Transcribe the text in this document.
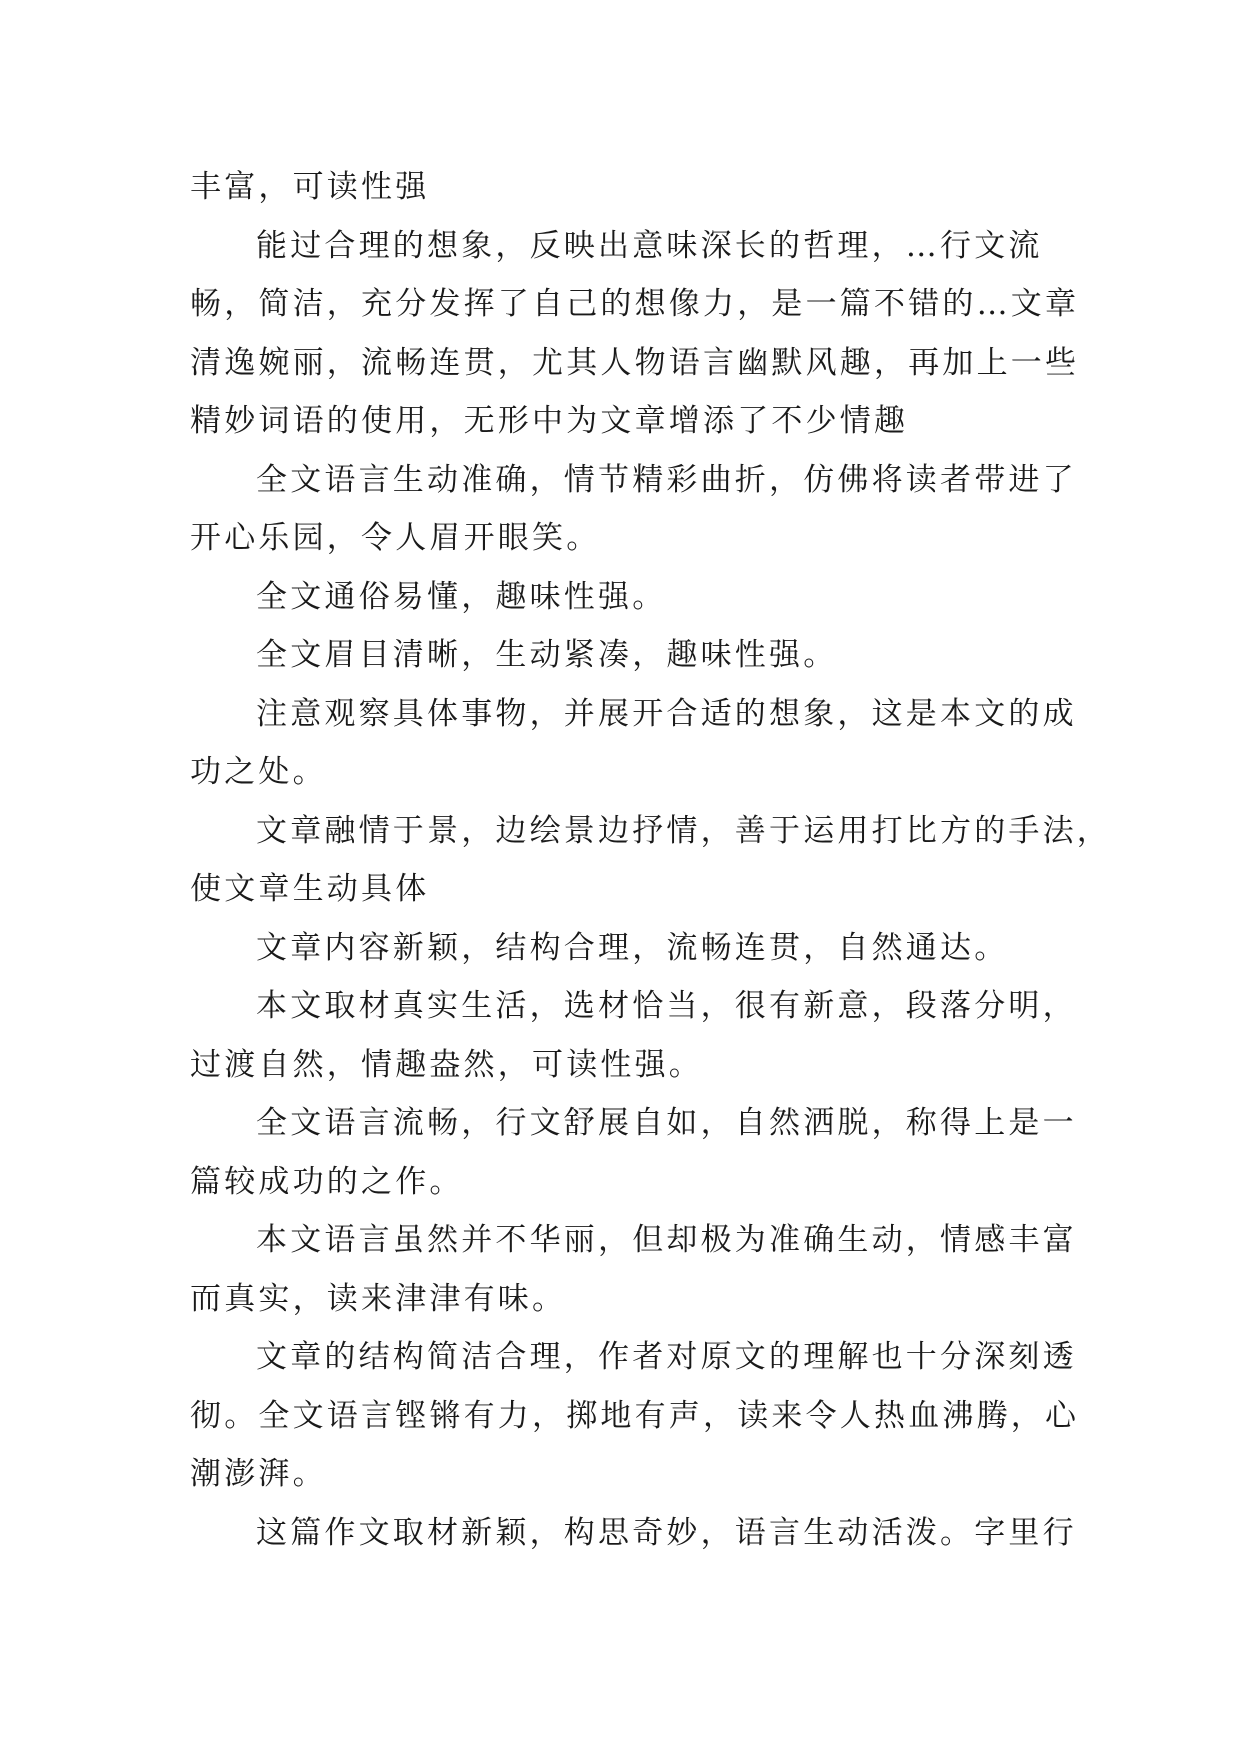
丰富，可读性强
能过合理的想象，反映出意味深长的哲理，…行文流
畅，简洁，充分发挥了自己的想像力，是一篇不错的…文章
清逸婉丽，流畅连贯，尤其人物语言幽默风趣，再加上一些
精妙词语的使用，无形中为文章增添了不少情趣
全文语言生动准确，情节精彩曲折，仿佛将读者带进了
开心乐园，令人眉开眼笑。
全文通俗易懂，趣味性强。
全文眉目清晰，生动紧凑，趣味性强。
注意观察具体事物，并展开合适的想象，这是本文的成
功之处。
文章融情于景，边绘景边抒情，善于运用打比方的手法，
使文章生动具体
文章内容新颖，结构合理，流畅连贯，自然通达。
本文取材真实生活，选材恰当，很有新意，段落分明，
过渡自然，情趣盎然，可读性强。
全文语言流畅，行文舒展自如，自然洒脱，称得上是一
篇较成功的之作。
本文语言虽然并不华丽，但却极为准确生动，情感丰富
而真实，读来津津有味。
文章的结构简洁合理，作者对原文的理解也十分深刻透
彻。全文语言铿锵有力，掷地有声，读来令人热血沸腾，心
潮澎湃。
这篇作文取材新颖，构思奇妙，语言生动活泼。字里行
